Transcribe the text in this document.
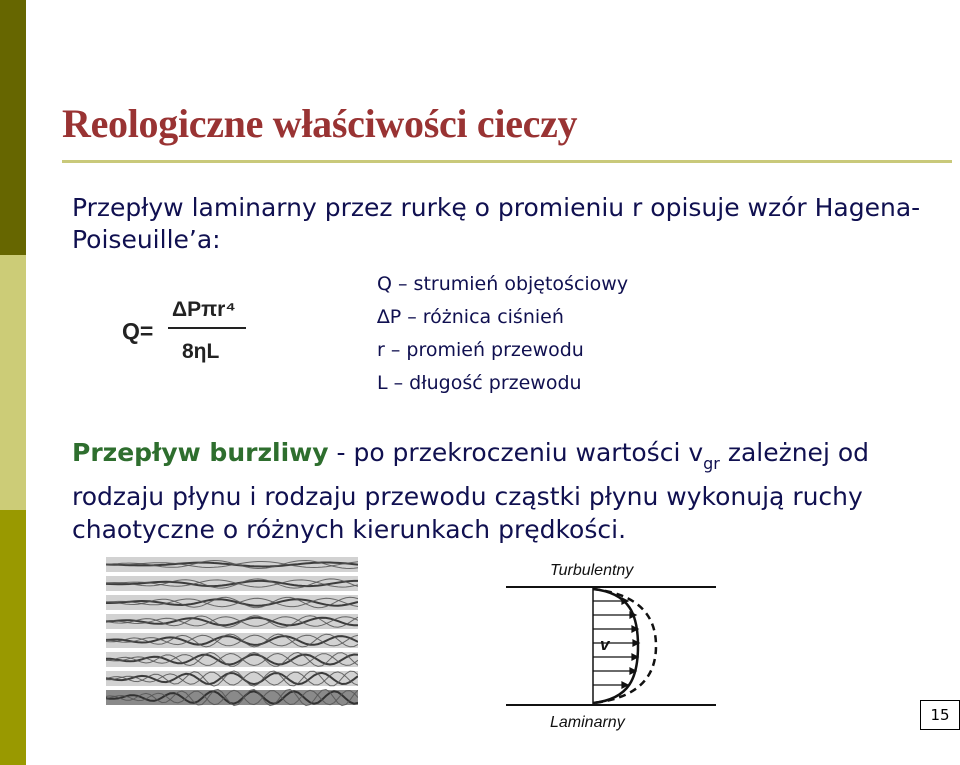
Reologiczne właściwości cieczy
Przepływ laminarny przez rurkę o promieniu r opisuje wzór Hagena-Poiseuille’a:
Q=
ΔPπr⁴
8ηL
Q – strumień objętościowy
∆P – różnica ciśnień
r – promień przewodu
L – długość przewodu
Przepływ burzliwy - po przekroczeniu wartości $v_{gr}$ zależnej od rodzaju płynu i rodzaju przewodu cząstki płynu wykonują ruchy chaotyczne o różnych kierunkach prędkości.
Turbulentny
v
Laminarny	15
